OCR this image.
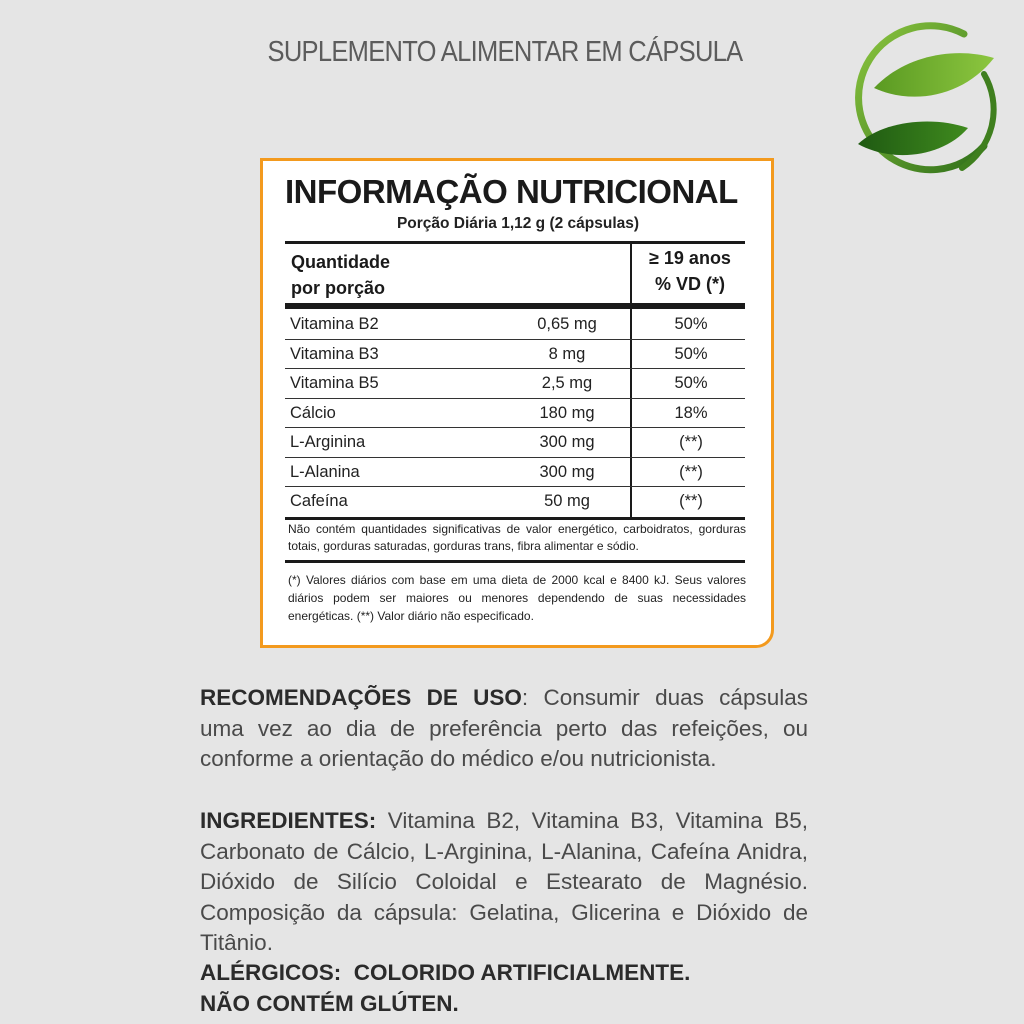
SUPLEMENTO ALIMENTAR EM CÁPSULA
INFORMAÇÃO NUTRICIONAL
Porção Diária 1,12 g (2 cápsulas)
Quantidade
por porção
≥ 19 anos
% VD (*)
Vitamina B2	0,65 mg	50%
Vitamina B3	8 mg	50%
Vitamina B5	2,5 mg	50%
Cálcio	180 mg	18%
L-Arginina	300 mg	(**)
L-Alanina	300 mg	(**)
Cafeína	50 mg	(**)
Não contém quantidades significativas de valor energético, carboidratos, gorduras totais, gorduras saturadas, gorduras trans, fibra alimentar e sódio.
(*) Valores diários com base em uma dieta de 2000 kcal e 8400 kJ. Seus valores diários podem ser maiores ou menores dependendo de suas necessidades energéticas. (**) Valor diário não especificado.
RECOMENDAÇÕES DE USO: Consumir duas cápsulas uma vez ao dia de preferência perto das refeições, ou conforme a orientação do médico e/ou nutricionista.
INGREDIENTES: Vitamina B2, Vitamina B3, Vitamina B5, Carbonato de Cálcio, L-Arginina, L-Alanina, Cafeína Anidra, Dióxido de Silício Coloidal e Estearato de Magnésio. Composição da cápsula: Gelatina, Glicerina e Dióxido de Titânio.
ALÉRGICOS:  COLORIDO ARTIFICIALMENTE.
NÃO CONTÉM GLÚTEN.
